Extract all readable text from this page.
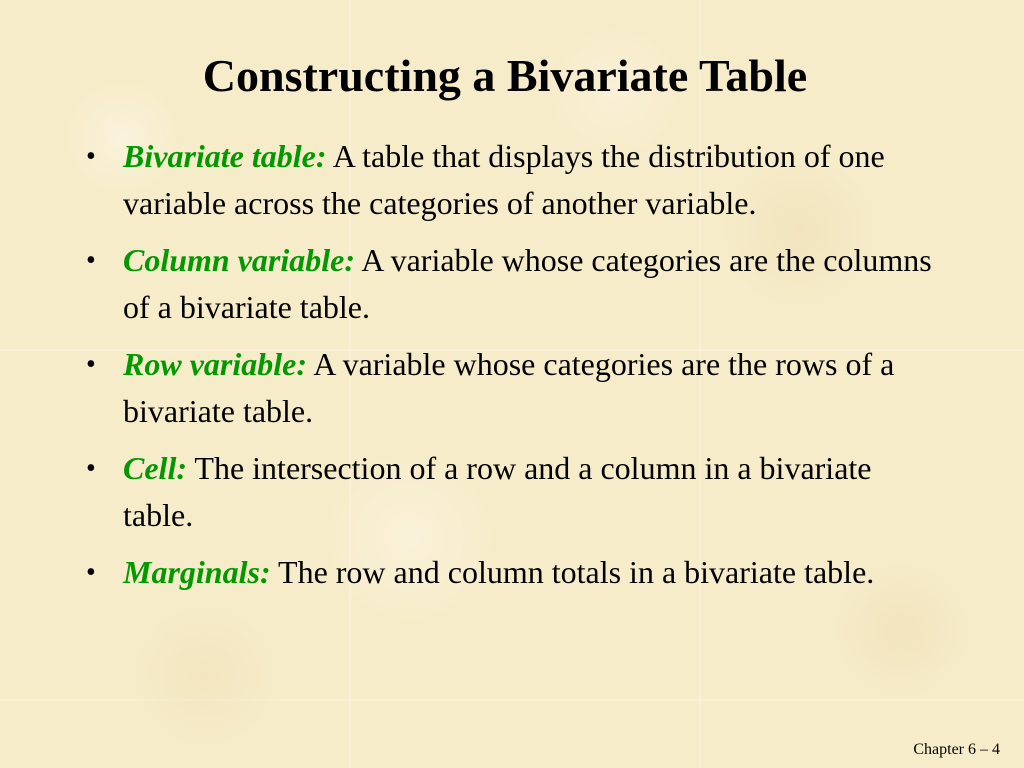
Constructing a Bivariate Table
• Bivariate table: A table that displays the distribution of one variable across the categories of another variable.
• Column variable: A variable whose categories are the columns of a bivariate table.
• Row variable: A variable whose categories are the rows of a bivariate table.
• Cell: The intersection of a row and a column in a bivariate table.
• Marginals: The row and column totals in a bivariate table.
Chapter 6 – 4
